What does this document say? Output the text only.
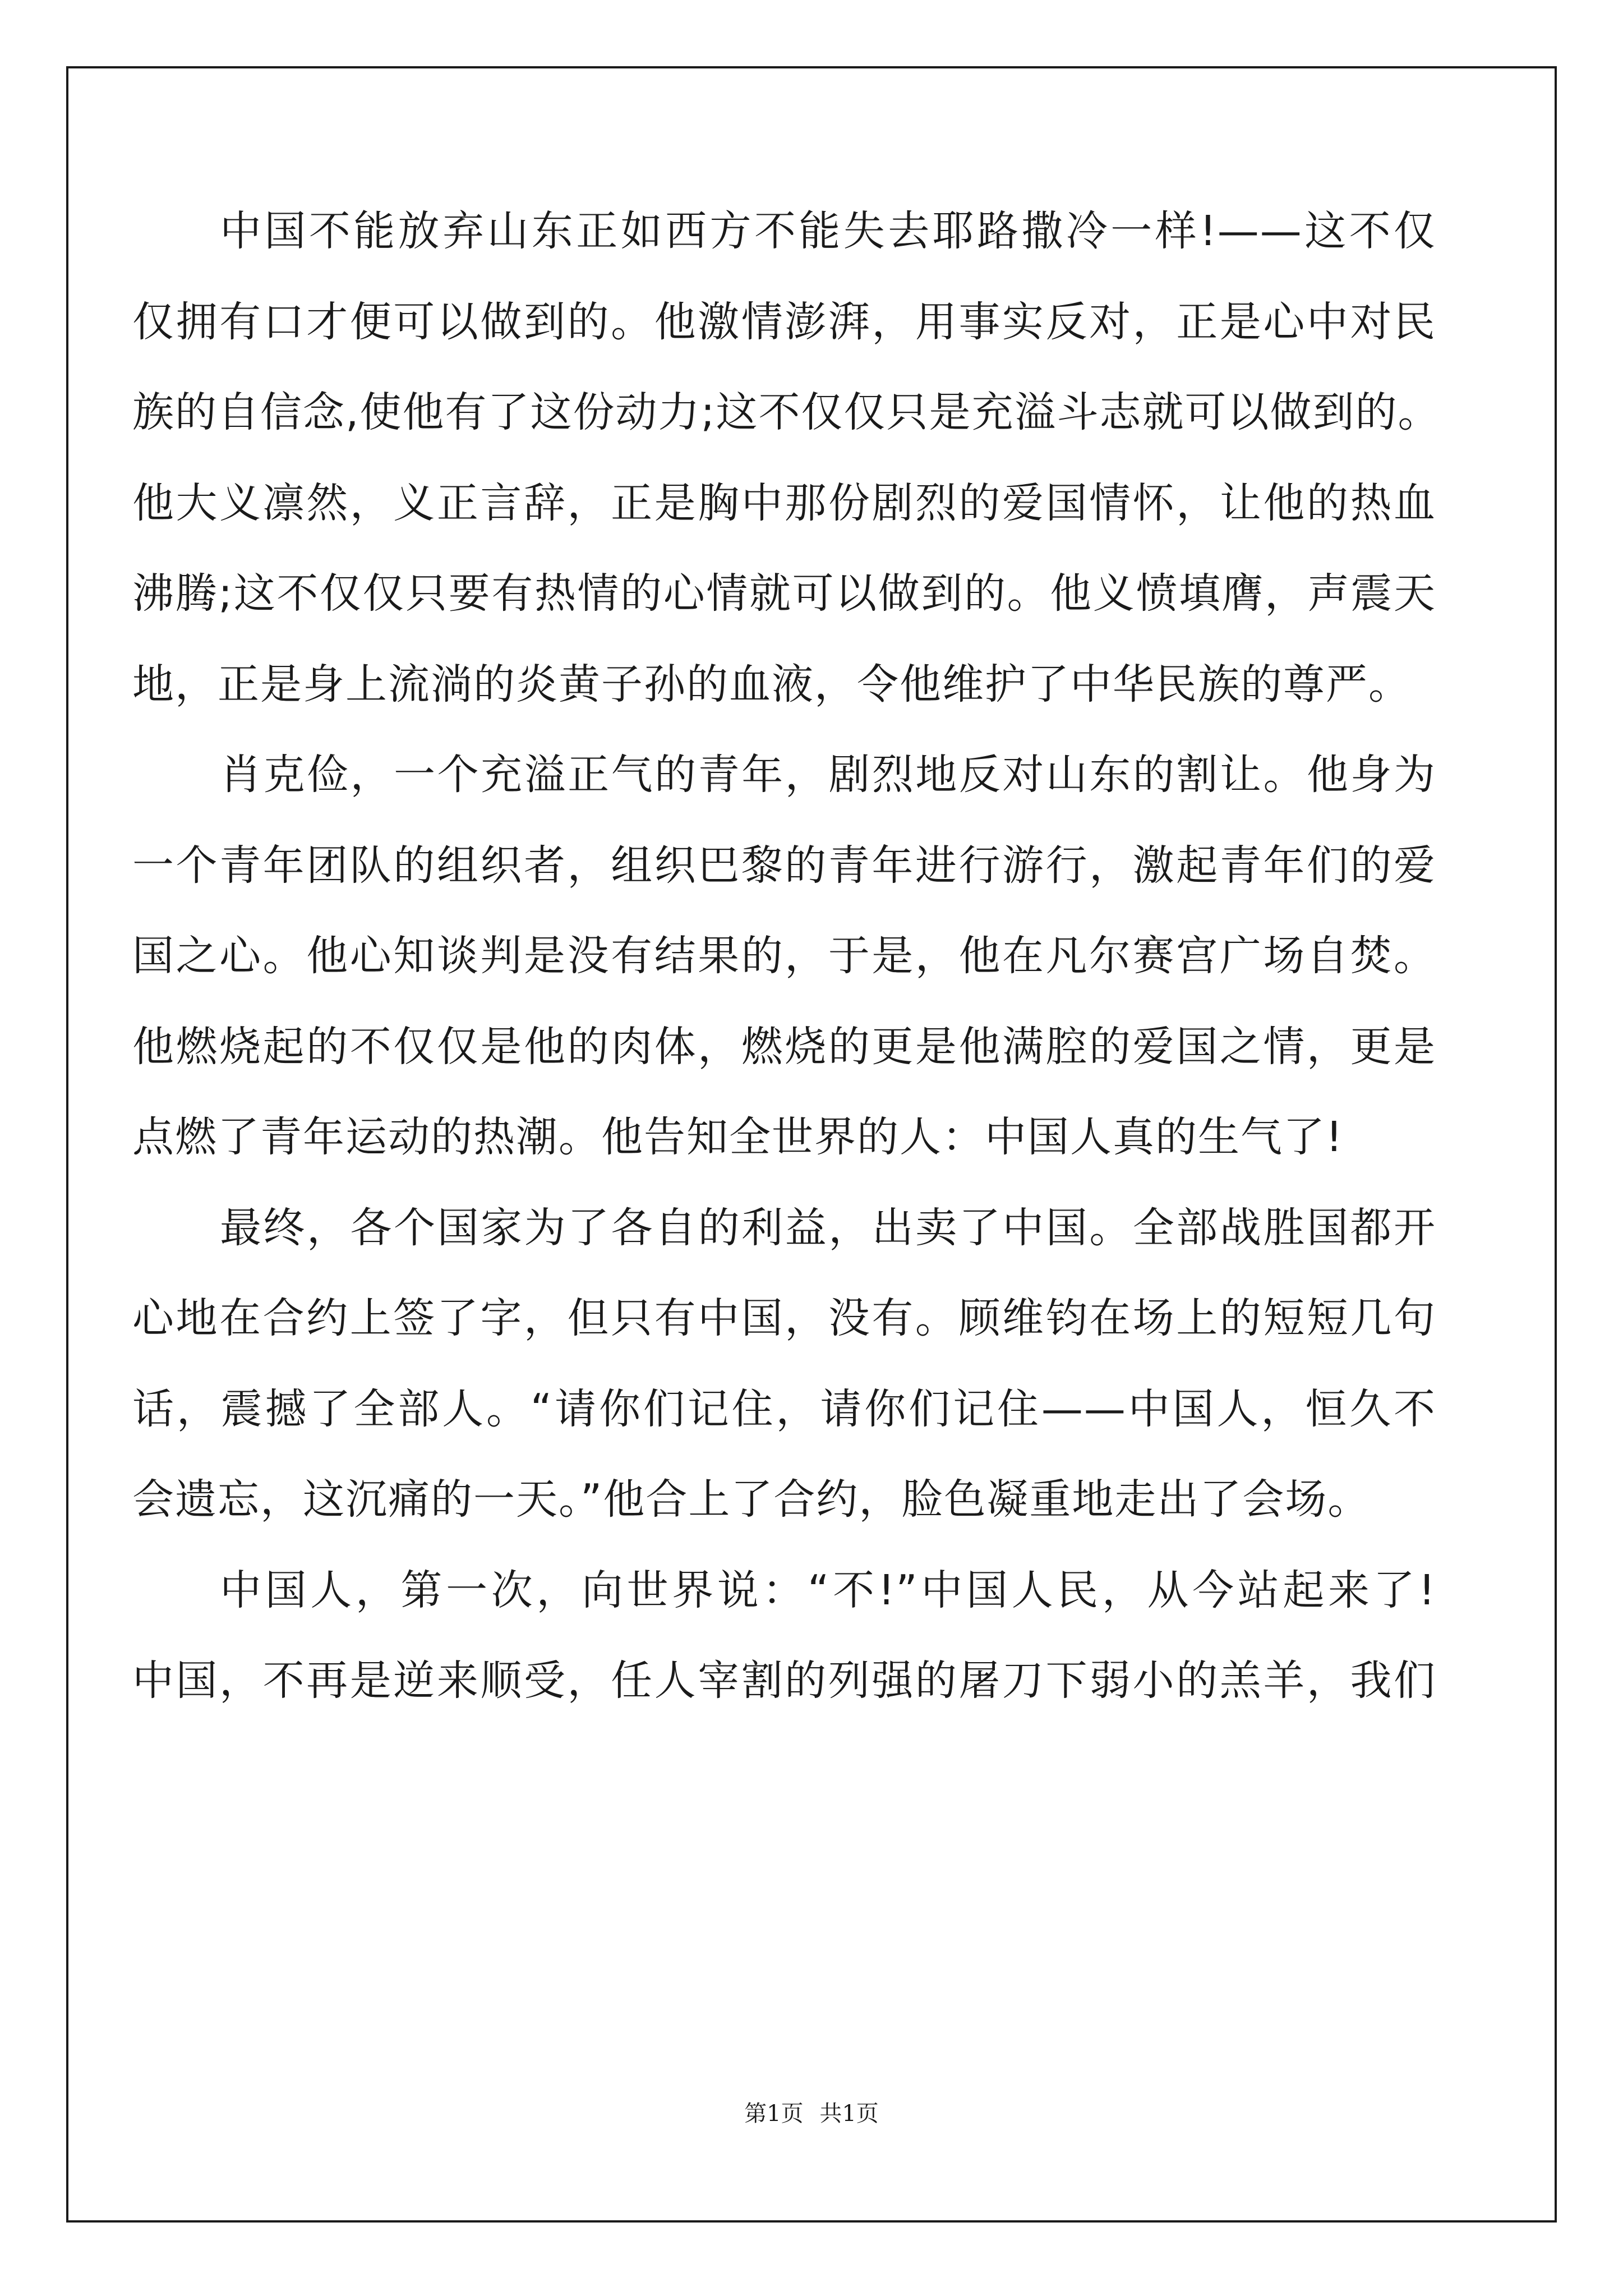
中国不能放弃山东正如西方不能失去耶路撒冷一样!——这不仅
仅拥有口才便可以做到的。他激情澎湃，用事实反对，正是心中对民
族的自信念,使他有了这份动力;这不仅仅只是充溢斗志就可以做到的。
他大义凛然，义正言辞，正是胸中那份剧烈的爱国情怀，让他的热血
沸腾;这不仅仅只要有热情的心情就可以做到的。他义愤填膺，声震天
地，正是身上流淌的炎黄子孙的血液，令他维护了中华民族的尊严。
肖克俭，一个充溢正气的青年，剧烈地反对山东的割让。他身为
一个青年团队的组织者，组织巴黎的青年进行游行，激起青年们的爱
国之心。他心知谈判是没有结果的，于是，他在凡尔赛宫广场自焚。
他燃烧起的不仅仅是他的肉体，燃烧的更是他满腔的爱国之情，更是
点燃了青年运动的热潮。他告知全世界的人：中国人真的生气了!
最终，各个国家为了各自的利益，出卖了中国。全部战胜国都开
心地在合约上签了字，但只有中国，没有。顾维钧在场上的短短几句
话，震撼了全部人。“请你们记住，请你们记住——中国人，恒久不
会遗忘，这沉痛的一天。”他合上了合约，脸色凝重地走出了会场。
中国人，第一次，向世界说：“不!”中国人民，从今站起来了!
中国，不再是逆来顺受，任人宰割的列强的屠刀下弱小的羔羊，我们
第1页 共1页
